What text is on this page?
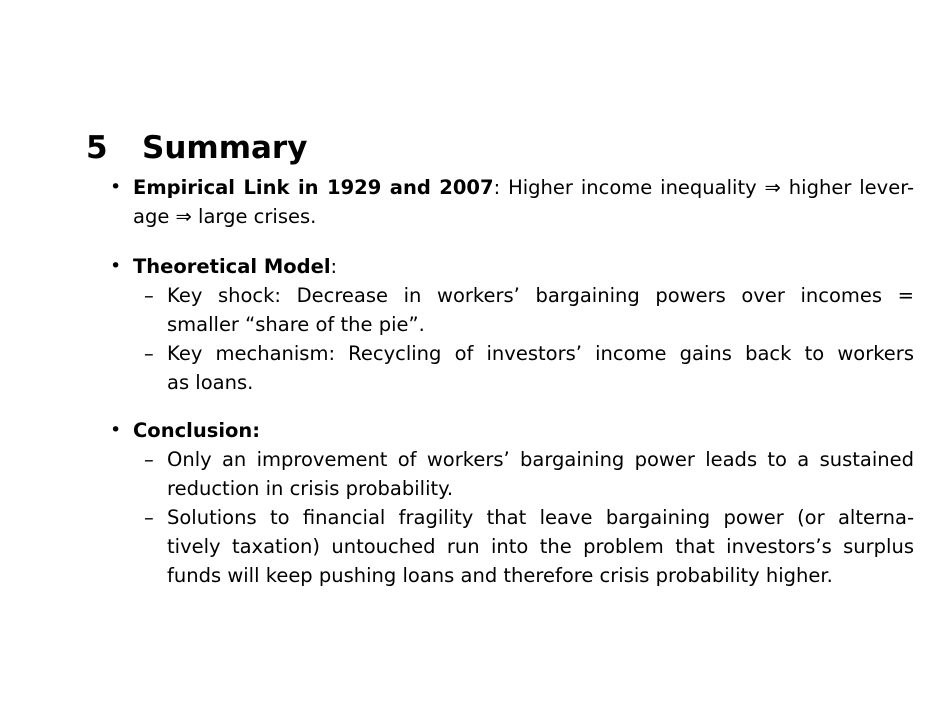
5 Summary
• Empirical Link in 1929 and 2007: Higher income inequality ⇒ higher lever-
age ⇒ large crises.
• Theoretical Model:
– Key shock: Decrease in workers’ bargaining powers over incomes =
smaller “share of the pie”.
– Key mechanism: Recycling of investors’ income gains back to workers
as loans.
• Conclusion:
– Only an improvement of workers’ bargaining power leads to a sustained
reduction in crisis probability.
– Solutions to financial fragility that leave bargaining power (or alterna-
tively taxation) untouched run into the problem that investors’s surplus
funds will keep pushing loans and therefore crisis probability higher.
